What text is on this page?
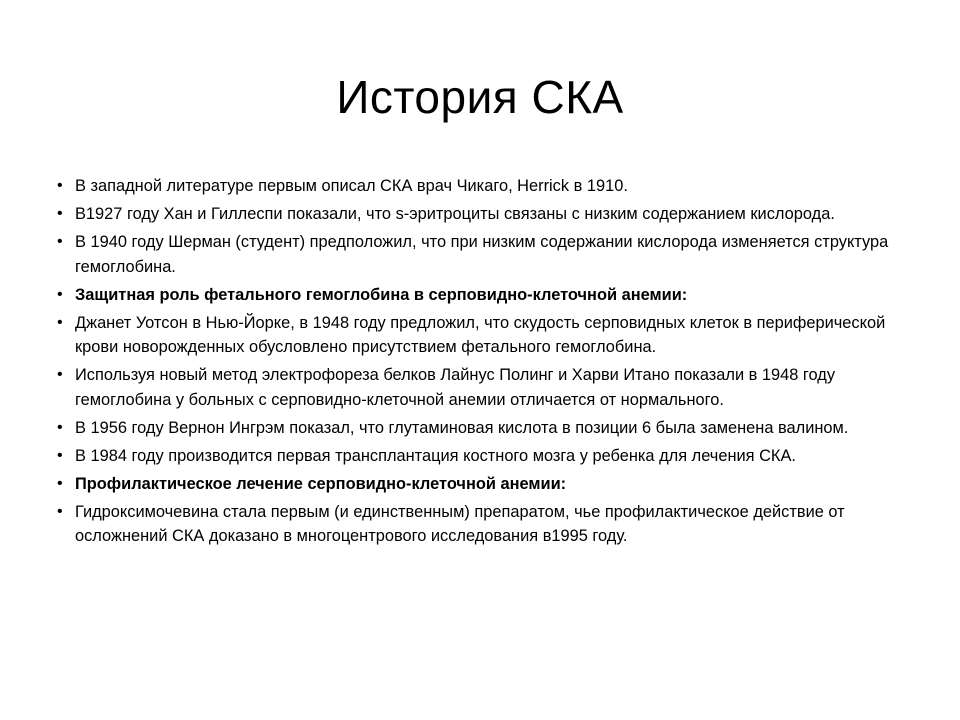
История СКА
• В западной литературе первым описал СКА врач Чикаго, Herrick в 1910.
• В1927 году Хан и Гиллеспи показали, что s-эритроциты связаны с низким содержанием кислорода.
• В 1940 году Шерман (студент) предположил, что при низким содержании кислорода изменяется структура гемоглобина.
• Защитная роль фетального гемоглобина в серповидно-клеточной анемии:
• Джанет Уотсон в Нью-Йорке, в 1948 году предложил, что скудость серповидных клеток в периферической крови новорожденных обусловлено присутствием фетального гемоглобина.
• Используя новый метод электрофореза белков Лайнус Полинг и Харви Итано показали в 1948 году гемоглобина у больных с серповидно-клеточной анемии отличается от нормального.
• В 1956 году Вернон Ингрэм показал, что глутаминовая кислота в позиции 6 была заменена валином.
• В 1984 году производится первая трансплантация костного мозга у ребенка для лечения СКА.
• Профилактическое лечение серповидно-клеточной анемии:
• Гидроксимочевина стала первым (и единственным) препаратом, чье профилактическое действие от осложнений СКА доказано в многоцентрового исследования в1995 году.
